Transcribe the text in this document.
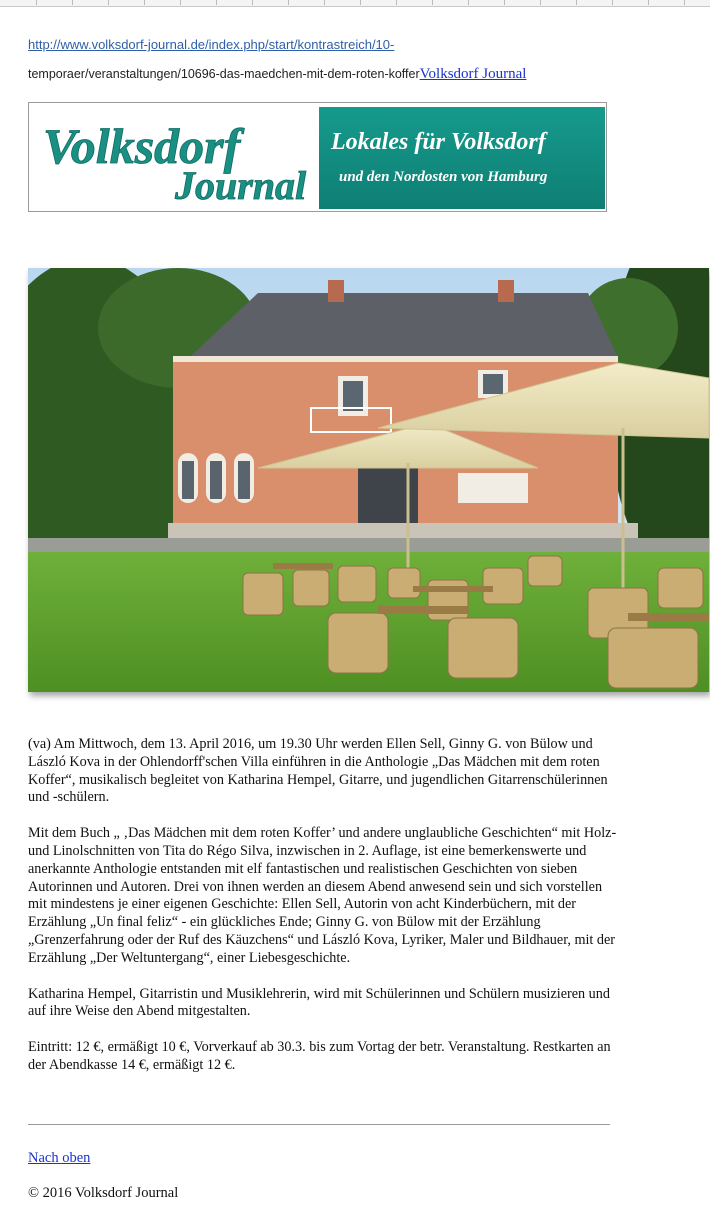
http://www.volksdorf-journal.de/index.php/start/kontrastreich/10-
temporaer/veranstaltungen/10696-das-maedchen-mit-dem-roten-kofferVolksdorf Journal
Volksdorf
Journal
Lokales für Volksdorf
und den Nordosten von Hamburg

(va) Am Mittwoch, dem 13. April 2016, um 19.30 Uhr werden Ellen Sell, Ginny G. von Bülow und László Kova in der Ohlendorff'schen Villa einführen in die Anthologie „Das Mädchen mit dem roten Koffer“, musikalisch begleitet von Katharina Hempel, Gitarre, und jugendlichen Gitarrenschülerinnen und -schülern.

Mit dem Buch „ ‚Das Mädchen mit dem roten Koffer’ und andere unglaubliche Geschichten“ mit Holz- und Linolschnitten von Tita do Régo Silva, inzwischen in 2. Auflage, ist eine bemerkenswerte und anerkannte Anthologie entstanden mit elf fantastischen und realistischen Geschichten von sieben Autorinnen und Autoren. Drei von ihnen werden an diesem Abend anwesend sein und sich vorstellen mit mindestens je einer eigenen Geschichte: Ellen Sell, Autorin von acht Kinderbüchern, mit der Erzählung „Un final feliz“ - ein glückliches Ende; Ginny G. von Bülow mit der Erzählung „Grenzerfahrung oder der Ruf des Käuzchens“ und László Kova, Lyriker, Maler und Bildhauer, mit der Erzählung „Der Weltuntergang“, einer Liebesgeschichte.

Katharina Hempel, Gitarristin und Musiklehrerin, wird mit Schülerinnen und Schülern musizieren und auf ihre Weise den Abend mitgestalten.

Eintritt: 12 €, ermäßigt 10 €, Vorverkauf ab 30.3. bis zum Vortag der betr. Veranstaltung. Restkarten an der Abendkasse 14 €, ermäßigt 12 €.

Nach oben
© 2016 Volksdorf Journal
